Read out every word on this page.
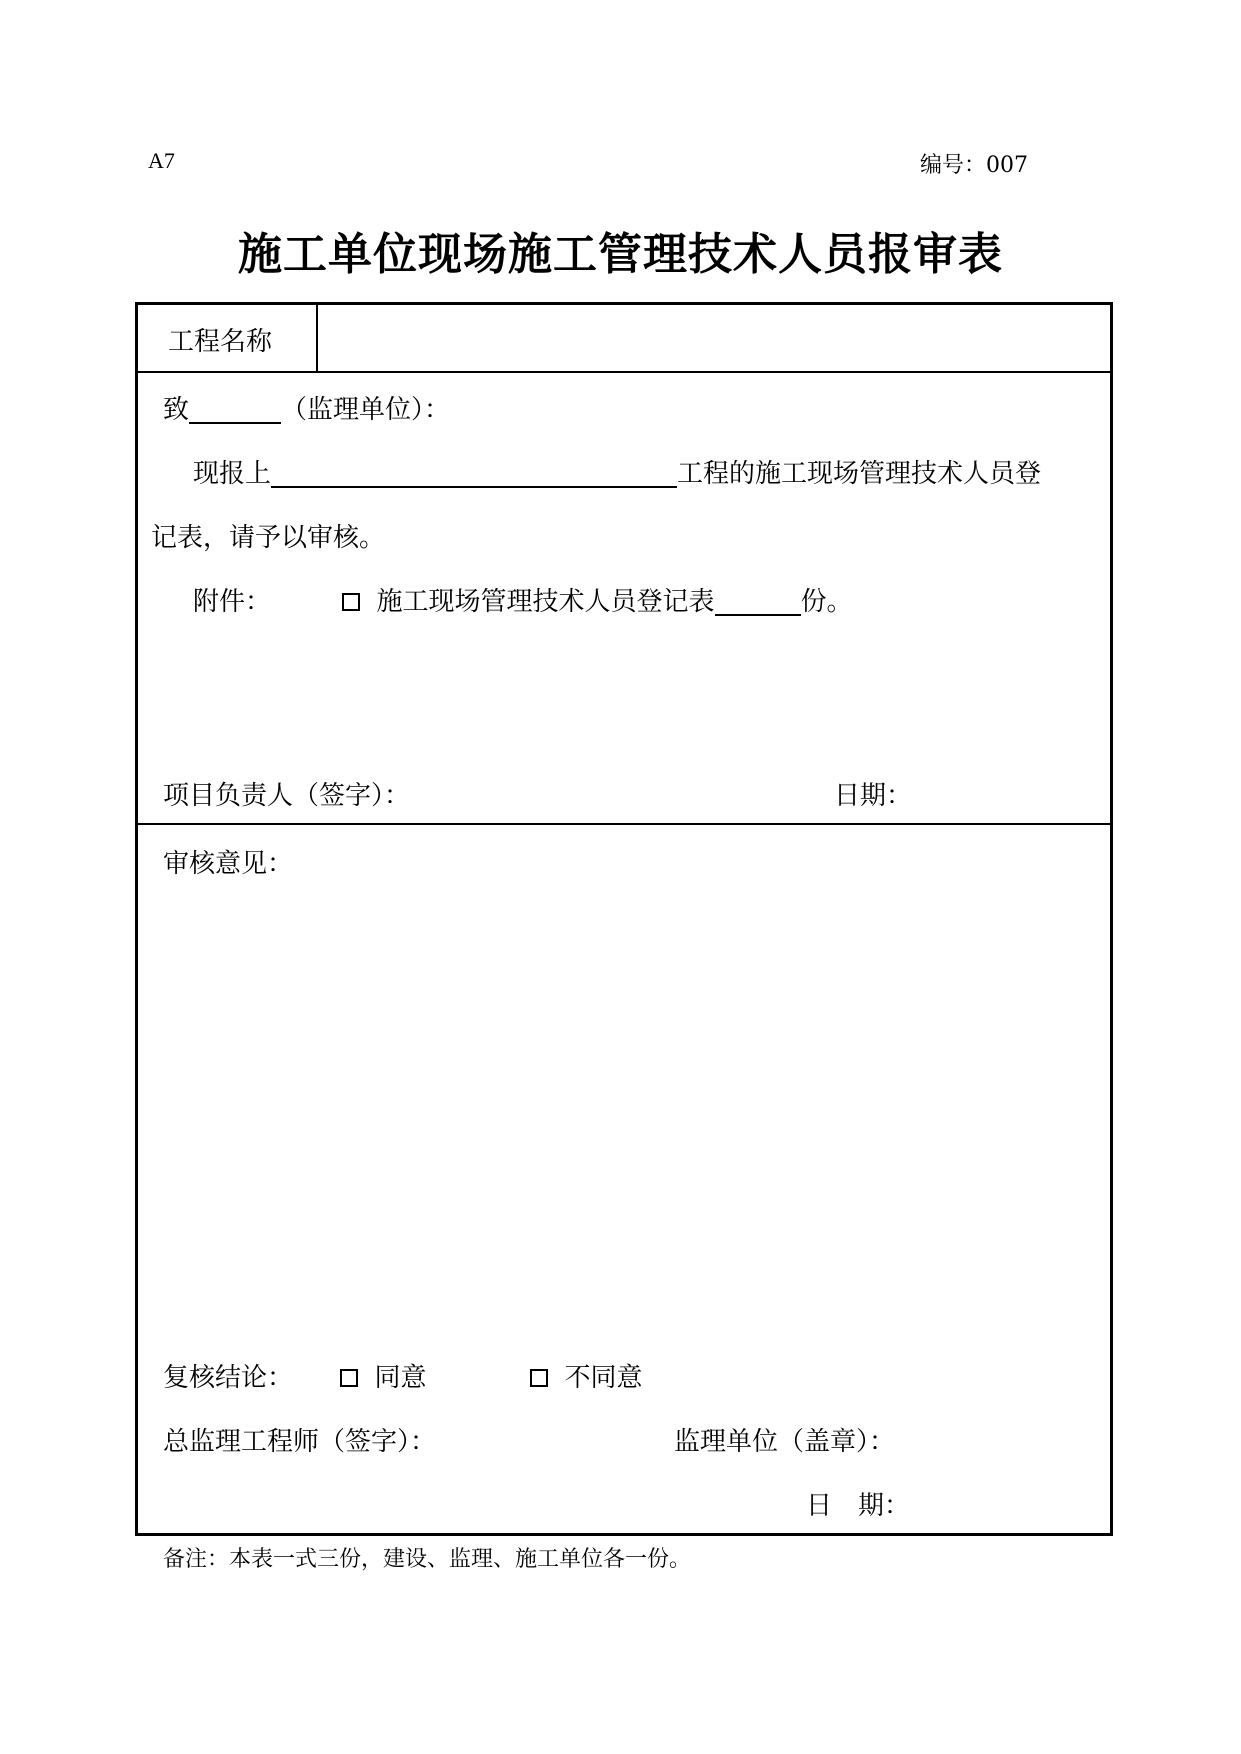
A7	编号：007
施工单位现场施工管理技术人员报审表
工程名称
致	（监理单位）：
现报上	工程的施工现场管理技术人员登
记表，请予以审核。
附件：	施工现场管理技术人员登记表	份。
项目负责人（签字）：	日期：
审核意见：
复核结论：	同意	不同意
总监理工程师（签字）：	监理单位（盖章）：
日　期：
备注：本表一式三份，建设、监理、施工单位各一份。
